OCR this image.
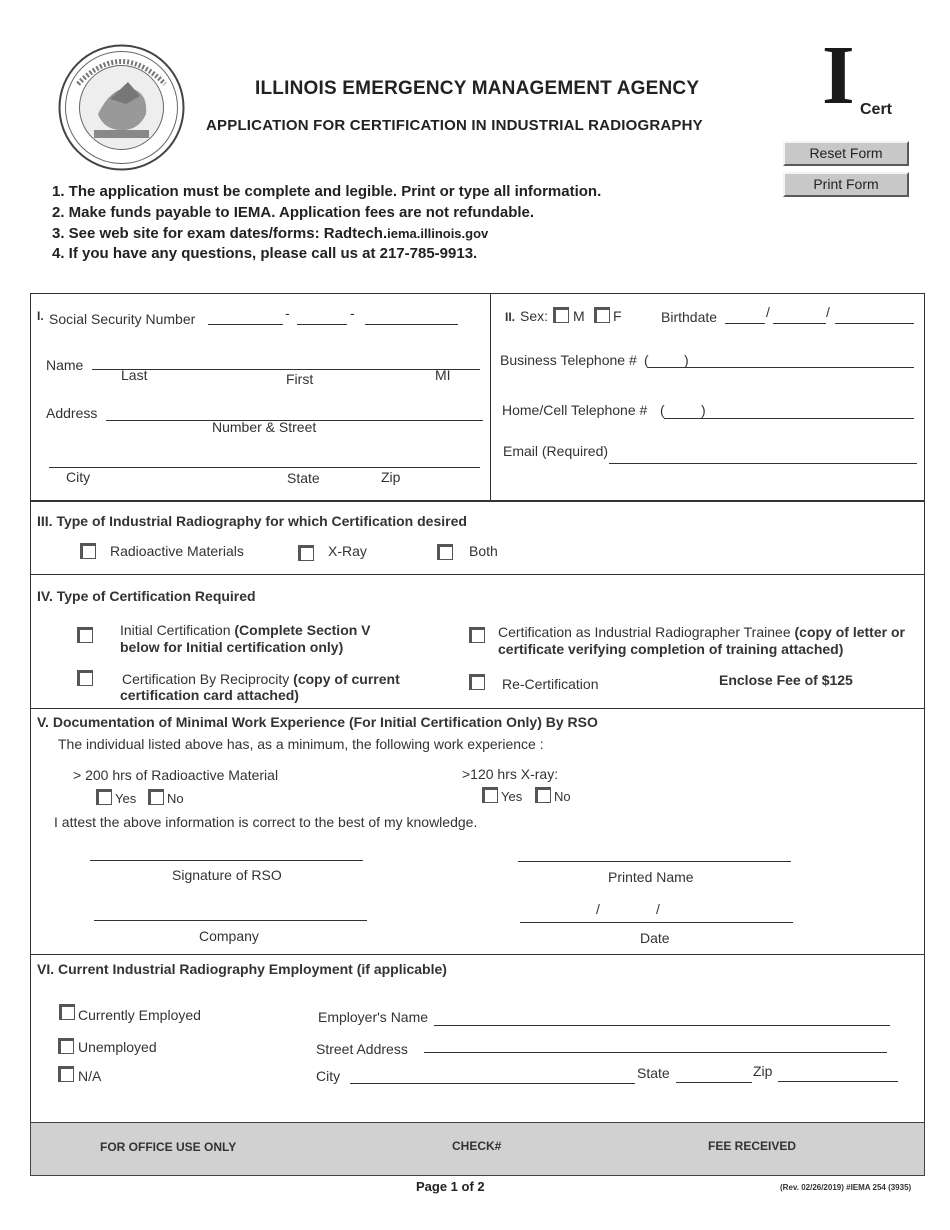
ILLINOIS EMERGENCY MANAGEMENT AGENCY
APPLICATION FOR CERTIFICATION IN INDUSTRIAL RADIOGRAPHY
I Cert
Reset Form
Print Form
1. The application must be complete and legible. Print or type all information.
2. Make funds payable to IEMA. Application fees are not refundable.
3. See web site for exam dates/forms: Radtech.iema.illinois.gov
4. If you have any questions, please call us at 217-785-9913.
I. Social Security Number	-	-
Name
Last	First	MI
Address
Number & Street
City	State	Zip
II. Sex: M F	Birthdate	/	/
Business Telephone # (	)
Home/Cell Telephone # (	)
Email (Required)
III. Type of Industrial Radiography for which Certification desired
Radioactive Materials	X-Ray	Both
IV. Type of Certification Required
Initial Certification (Complete Section V
below for Initial certification only)
Certification By Reciprocity (copy of current
certification card attached)
Certification as Industrial Radiographer Trainee (copy of letter or
certificate verifying completion of training attached)
Re-Certification	Enclose Fee of $125
V. Documentation of Minimal Work Experience (For Initial Certification Only) By RSO
The individual listed above has, as a minimum, the following work experience :
> 200 hrs of Radioactive Material
Yes No
>120 hrs X-ray:
Yes No
I attest the above information is correct to the best of my knowledge.
Signature of RSO	Printed Name
Company
/	/
Date
VI. Current Industrial Radiography Employment (if applicable)
Currently Employed
Unemployed
N/A
Employer's Name
Street Address
City	State	Zip
FOR OFFICE USE ONLY	CHECK#	FEE RECEIVED
Page 1 of 2	(Rev. 02/26/2019) #IEMA 254 (3935)
